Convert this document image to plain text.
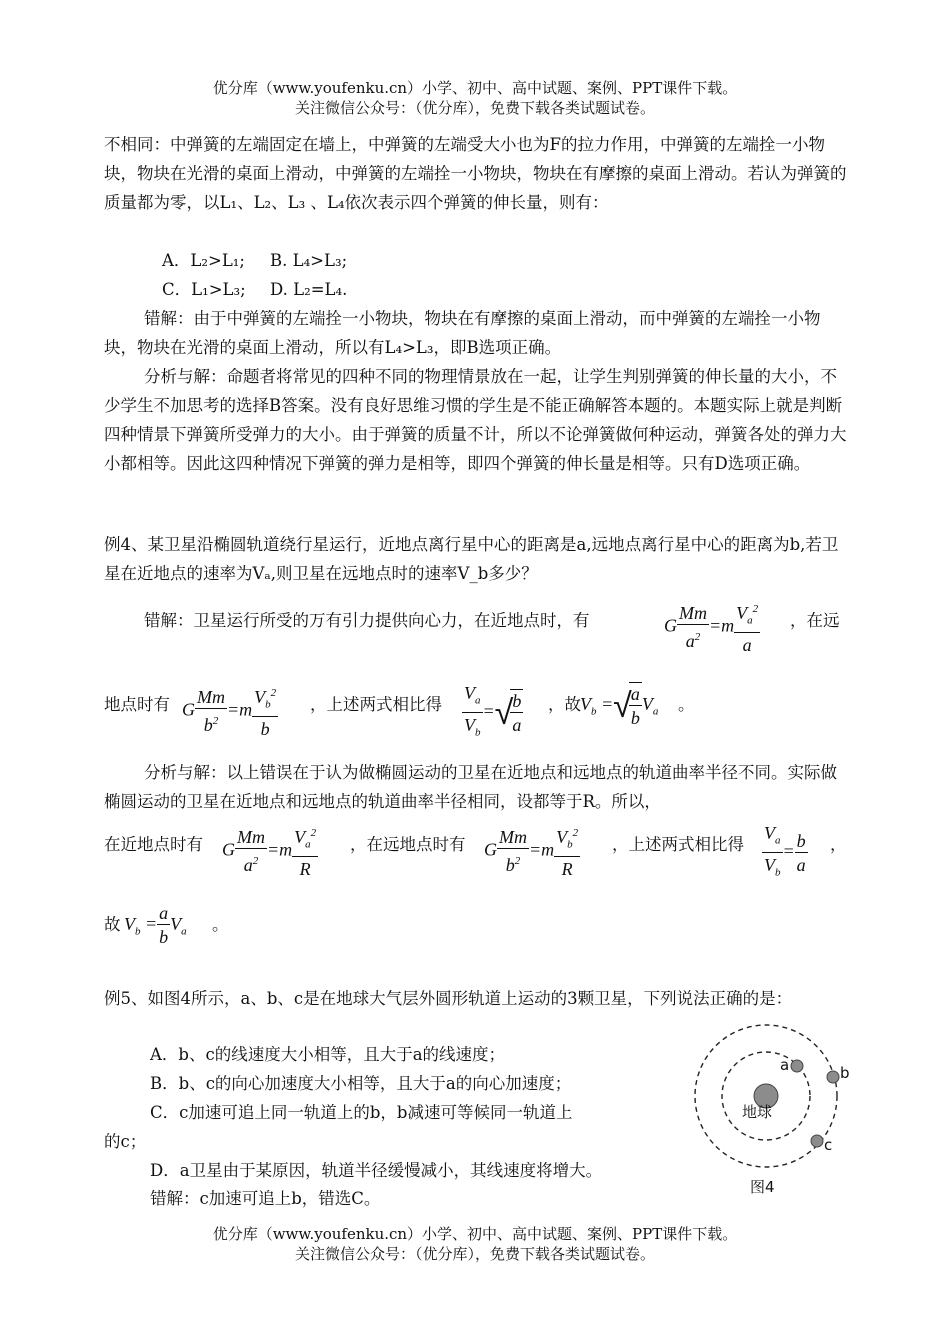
优分库（www.youfenku.cn）小学、初中、高中试题、案例、PPT课件下载。
关注微信公众号：（优分库），免费下载各类试题试卷。

不相同：中弹簧的左端固定在墙上，中弹簧的左端受大小也为F的拉力作用，中弹簧的左端拴一小物块，物块在光滑的桌面上滑动，中弹簧的左端拴一小物块，物块在有摩擦的桌面上滑动。若认为弹簧的质量都为零，以L₁、L₂、L₃ 、L₄依次表示四个弹簧的伸长量，则有：

A．L₂>L₁; B. L₄>L₃;
C．L₁>L₃; D. L₂=L₄.

错解：由于中弹簧的左端拴一小物块，物块在有摩擦的桌面上滑动，而中弹簧的左端拴一小物块，物块在光滑的桌面上滑动，所以有L₄>L₃，即B选项正确。

分析与解：命题者将常见的四种不同的物理情景放在一起，让学生判别弹簧的伸长量的大小，不少学生不加思考的选择B答案。没有良好思维习惯的学生是不能正确解答本题的。本题实际上就是判断四种情景下弹簧所受弹力的大小。由于弹簧的质量不计，所以不论弹簧做何种运动，弹簧各处的弹力大小都相等。因此这四种情况下弹簧的弹力是相等，即四个弹簧的伸长量是相等。只有D选项正确。

例4、某卫星沿椭圆轨道绕行星运行，近地点离行星中心的距离是a,远地点离行星中心的距离为b,若卫星在近地点的速率为Vₐ,则卫星在远地点时的速率V_b多少？

错解：卫星运行所受的万有引力提供向心力，在近地点时，有	G $\frac{Mm}{a^2} =m \frac{V_a^2}{a}$ ，在远
地点时有 G $\frac{Mm}{b^2} =m \frac{V_b^2}{b}$ ，上述两式相比得 $\frac{V_a}{V_b}$ =√
$\frac{b}{a}$ ，故 $V_b$ =√
$\frac{a}{b} V_a$ 。

分析与解：以上错误在于认为做椭圆运动的卫星在近地点和远地点的轨道曲率半径不同。实际做椭圆运动的卫星在近地点和远地点的轨道曲率半径相同，设都等于R。所以，

在近地点时有 G $\frac{Mm}{a^2} =m \frac{V_a^2}{R}$ ，在远地点时有 G $\frac{Mm}{b^2} =m \frac{V_b^2}{R}$ ，上述两式相比得 $\frac{V_a}{V_b} = \frac{b}{a}$ ，
故 $V_b = \frac{a}{b} V_a$ 。

例5、如图4所示，a、b、c是在地球大气层外圆形轨道上运动的3颗卫星，下列说法正确的是：

A．b、c的线速度大小相等，且大于a的线速度；
B．b、c的向心加速度大小相等，且大于a的向心加速度；
C．c加速可追上同一轨道上的b，b减速可等候同一轨道上
的c；
D．a卫星由于某原因，轨道半径缓慢减小，其线速度将增大。
错解：c加速可追上b，错选C。
地球
a	b
c
图4
优分库（www.youfenku.cn）小学、初中、高中试题、案例、PPT课件下载。
关注微信公众号：（优分库），免费下载各类试题试卷。
